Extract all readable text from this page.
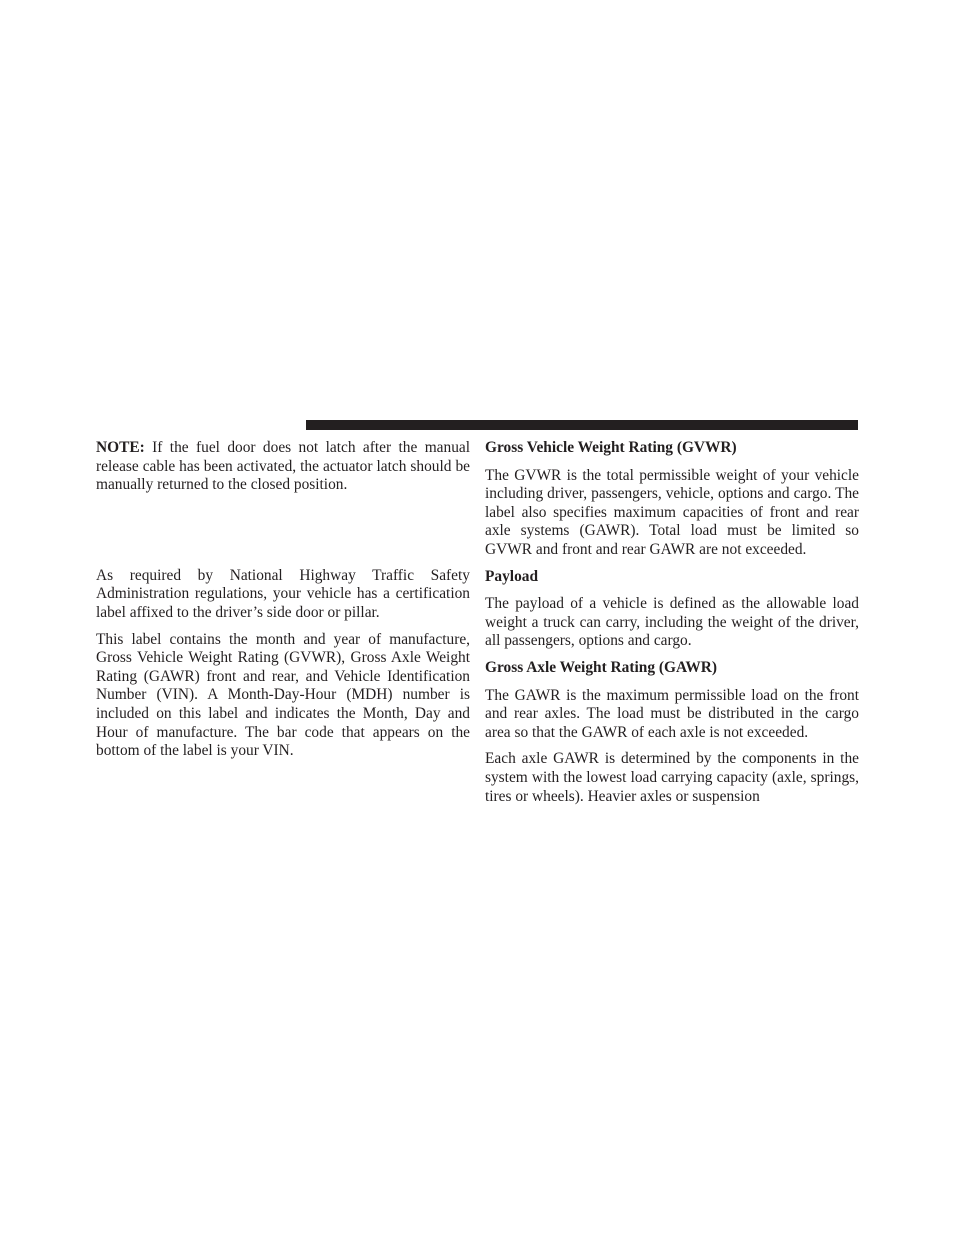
NOTE: If the fuel door does not latch after the manual release cable has been activated, the actuator latch should be manually returned to the closed position.

As required by National Highway Traffic Safety Administration regulations, your vehicle has a certification label affixed to the driver’s side door or pillar.

This label contains the month and year of manufacture, Gross Vehicle Weight Rating (GVWR), Gross Axle Weight Rating (GAWR) front and rear, and Vehicle Identification Number (VIN). A Month-Day-Hour (MDH) number is included on this label and indicates the Month, Day and Hour of manufacture. The bar code that appears on the bottom of the label is your VIN.

Gross Vehicle Weight Rating (GVWR)

The GVWR is the total permissible weight of your vehicle including driver, passengers, vehicle, options and cargo. The label also specifies maximum capacities of front and rear axle systems (GAWR). Total load must be limited so GVWR and front and rear GAWR are not exceeded.

Payload

The payload of a vehicle is defined as the allowable load weight a truck can carry, including the weight of the driver, all passengers, options and cargo.

Gross Axle Weight Rating (GAWR)

The GAWR is the maximum permissible load on the front and rear axles. The load must be distributed in the cargo area so that the GAWR of each axle is not exceeded.

Each axle GAWR is determined by the components in the system with the lowest load carrying capacity (axle, springs, tires or wheels). Heavier axles or suspension
